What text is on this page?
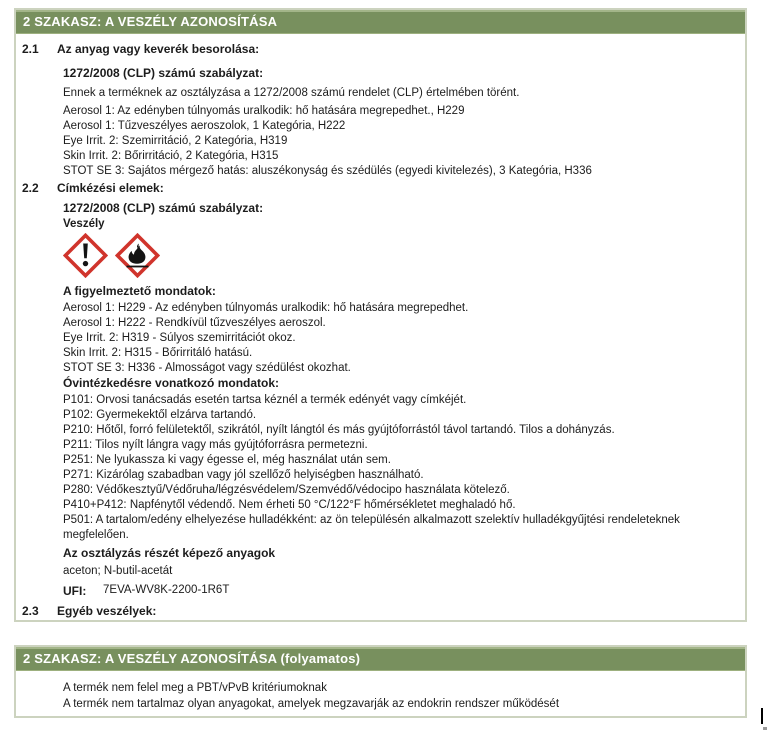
2 SZAKASZ: A VESZÉLY AZONOSÍTÁSA
2.1	Az anyag vagy keverék besorolása:
1272/2008 (CLP) számú szabályzat:
Ennek a terméknek az osztályzása a 1272/2008 számú rendelet (CLP) értelmében törént.
Aerosol 1: Az edényben túlnyomás uralkodik: hő hatására megrepedhet., H229
Aerosol 1: Tűzveszélyes aeroszolok, 1 Kategória, H222
Eye Irrit. 2: Szemirritáció, 2 Kategória, H319
Skin Irrit. 2: Bőrirritáció, 2 Kategória, H315
STOT SE 3: Sajátos mérgező hatás: aluszékonyság és szédülés (egyedi kivitelezés), 3 Kategória, H336
2.2	Címkézési elemek:
1272/2008 (CLP) számú szabályzat:
Veszély
A figyelmeztető mondatok:
Aerosol 1: H229 - Az edényben túlnyomás uralkodik: hő hatására megrepedhet.
Aerosol 1: H222 - Rendkívül tűzveszélyes aeroszol.
Eye Irrit. 2: H319 - Súlyos szemirritációt okoz.
Skin Irrit. 2: H315 - Bőrirritáló hatású.
STOT SE 3: H336 - Almosságot vagy szédülést okozhat.
Óvintézkedésre vonatkozó mondatok:
P101: Orvosi tanácsadás esetén tartsa kéznél a termék edényét vagy címkéjét.
P102: Gyermekektől elzárva tartandó.
P210: Hőtől, forró felületektől, szikrától, nyílt lángtól és más gyújtóforrástól távol tartandó. Tilos a dohányzás.
P211: Tilos nyílt lángra vagy más gyújtóforrásra permetezni.
P251: Ne lyukassza ki vagy égesse el, még használat után sem.
P271: Kizárólag szabadban vagy jól szellőző helyiségben használható.
P280: Védőkesztyű/Védőruha/légzésvédelem/Szemvédő/védocipo használata kötelező.
P410+P412: Napfénytől védendő. Nem érheti 50 °C/122°F hőmérsékletet meghaladó hő.
P501: A tartalom/edény elhelyezése hulladékként: az ön településén alkalmazott szelektív hulladékgyűjtési rendeleteknek megfelelően.
Az osztályzás részét képező anyagok
aceton; N-butil-acetát
UFI:	7EVA-WV8K-2200-1R6T
2.3	Egyéb veszélyek:
2 SZAKASZ: A VESZÉLY AZONOSÍTÁSA (folyamatos)
A termék nem felel meg a PBT/vPvB kritériumoknak
A termék nem tartalmaz olyan anyagokat, amelyek megzavarják az endokrin rendszer működését
